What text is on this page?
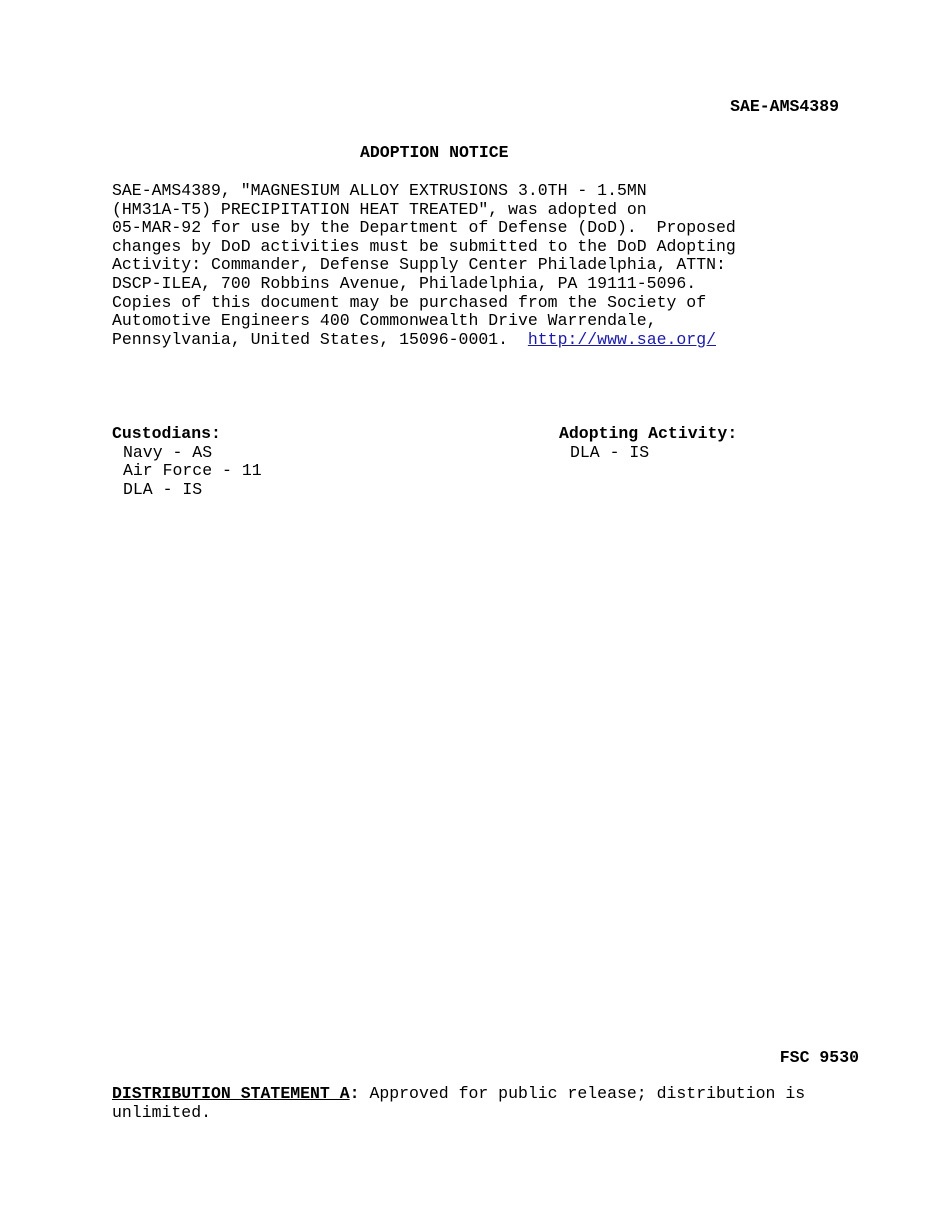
SAE-AMS4389
ADOPTION NOTICE
SAE-AMS4389, "MAGNESIUM ALLOY EXTRUSIONS 3.0TH - 1.5MN
(HM31A-T5) PRECIPITATION HEAT TREATED", was adopted on
05-MAR-92 for use by the Department of Defense (DoD).  Proposed
changes by DoD activities must be submitted to the DoD Adopting
Activity: Commander, Defense Supply Center Philadelphia, ATTN:
DSCP-ILEA, 700 Robbins Avenue, Philadelphia, PA 19111-5096.
Copies of this document may be purchased from the Society of
Automotive Engineers 400 Commonwealth Drive Warrendale,
Pennsylvania, United States, 15096-0001.  http://www.sae.org/
Custodians:
Navy - AS
Air Force - 11
DLA - IS
Adopting Activity:
DLA - IS
FSC 9530
DISTRIBUTION STATEMENT A: Approved for public release; distribution is unlimited.
